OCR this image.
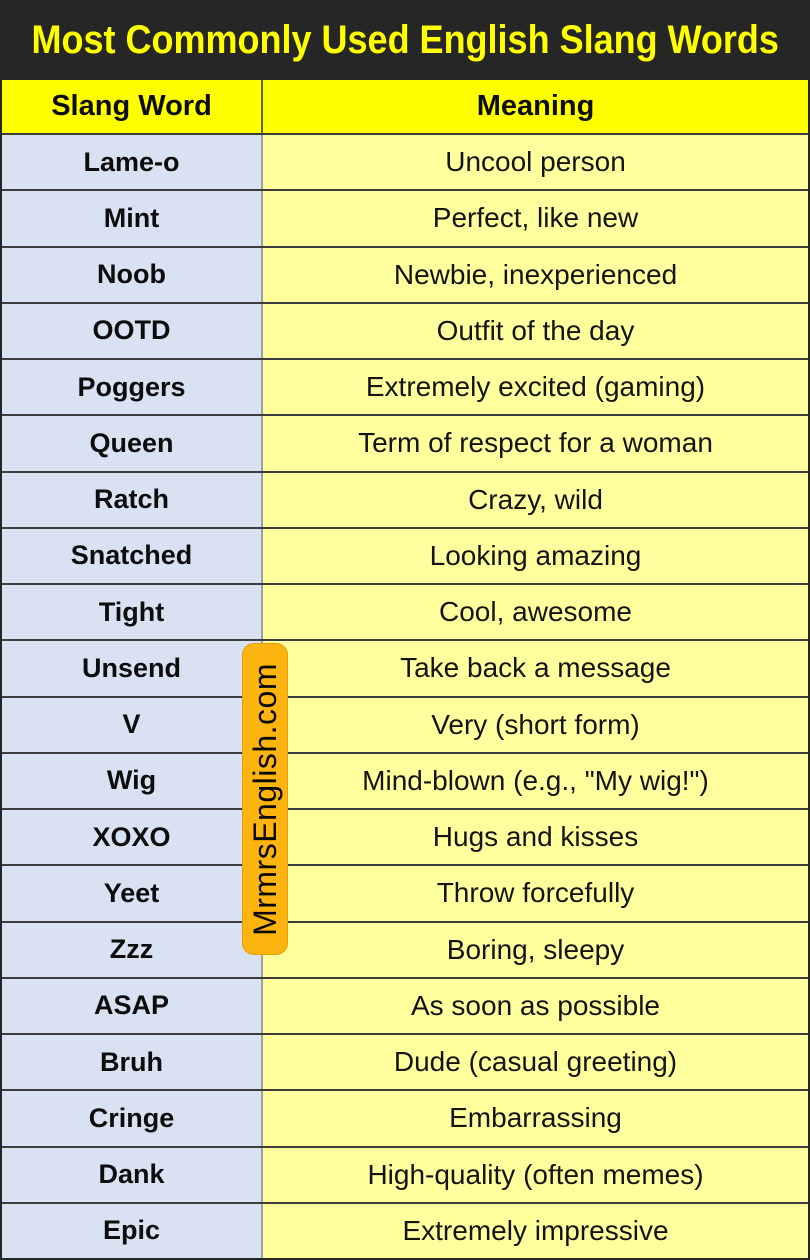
Most Commonly Used English Slang Words
Slang Word	Meaning
Lame-o	Uncool person
Mint	Perfect, like new
Noob	Newbie, inexperienced
OOTD	Outfit of the day
Poggers	Extremely excited (gaming)
Queen	Term of respect for a woman
Ratch	Crazy, wild
Snatched	Looking amazing
Tight	Cool, awesome
Unsend	Take back a message
V	Very (short form)
Wig	Mind-blown (e.g., "My wig!")
XOXO	Hugs and kisses
Yeet	Throw forcefully
Zzz	Boring, sleepy
ASAP	As soon as possible
Bruh	Dude (casual greeting)
Cringe	Embarrassing
Dank	High-quality (often memes)
Epic	Extremely impressive
MrmrsEnglish.com
